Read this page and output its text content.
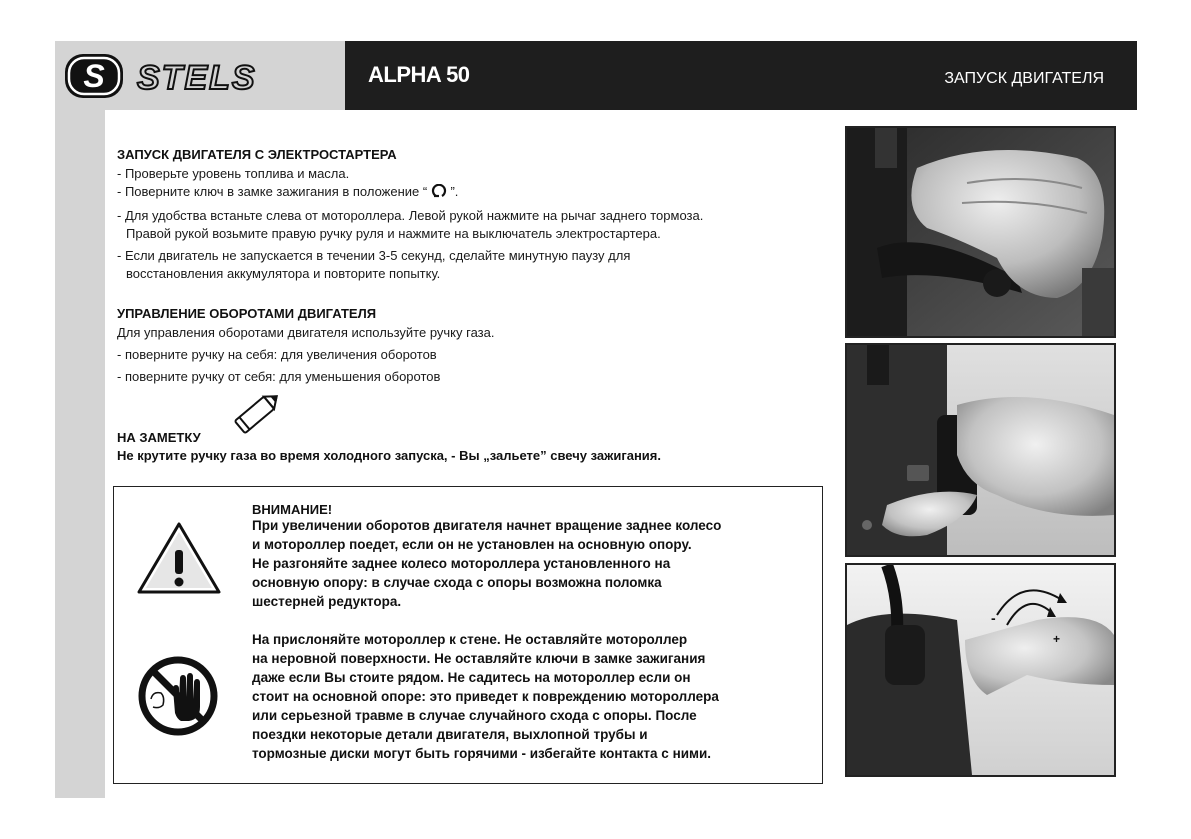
S STELS	ALPHA 50	ЗАПУСК ДВИГАТЕЛЯ
ЗАПУСК ДВИГАТЕЛЯ С ЭЛЕКТРОСТАРТЕРА
- Проверьте уровень топлива и масла.
- Поверните ключ в замке зажигания в положение “ ”.
- Для удобства встаньте слева от мотороллера. Левой рукой нажмите на рычаг заднего тормоза.
Правой рукой возьмите правую ручку руля и нажмите на выключатель электростартера.
- Если двигатель не запускается в течении 3-5 секунд, сделайте минутную паузу для
восстановления аккумулятора и повторите попытку.
УПРАВЛЕНИЕ ОБОРОТАМИ ДВИГАТЕЛЯ
Для управления оборотами двигателя используйте ручку газа.
- поверните ручку на себя: для увеличения оборотов
- поверните ручку от себя: для уменьшения оборотов
НА ЗАМЕТКУ
Не крутите ручку газа во время холодного запуска, - Вы „зальете” свечу зажигания.
ВНИМАНИЕ!
При увеличении оборотов двигателя начнет вращение заднее колесо
и мотороллер поедет, если он не установлен на основную опору.
Не разгоняйте заднее колесо мотороллера установленного на
основную опору: в случае схода с опоры возможна поломка
шестерней редуктора.
На прислоняйте мотороллер к стене. Не оставляйте мотороллер
на неровной поверхности. Не оставляйте ключи в замке зажигания
даже если Вы стоите рядом. Не садитесь на мотороллер если он
стоит на основной опоре: это приведет к повреждению мотороллера
или серьезной травме в случае случайного схода с опоры. После
поездки некоторые детали двигателя, выхлопной трубы и
тормозные диски могут быть горячими - избегайте контакта с ними.
-
+
